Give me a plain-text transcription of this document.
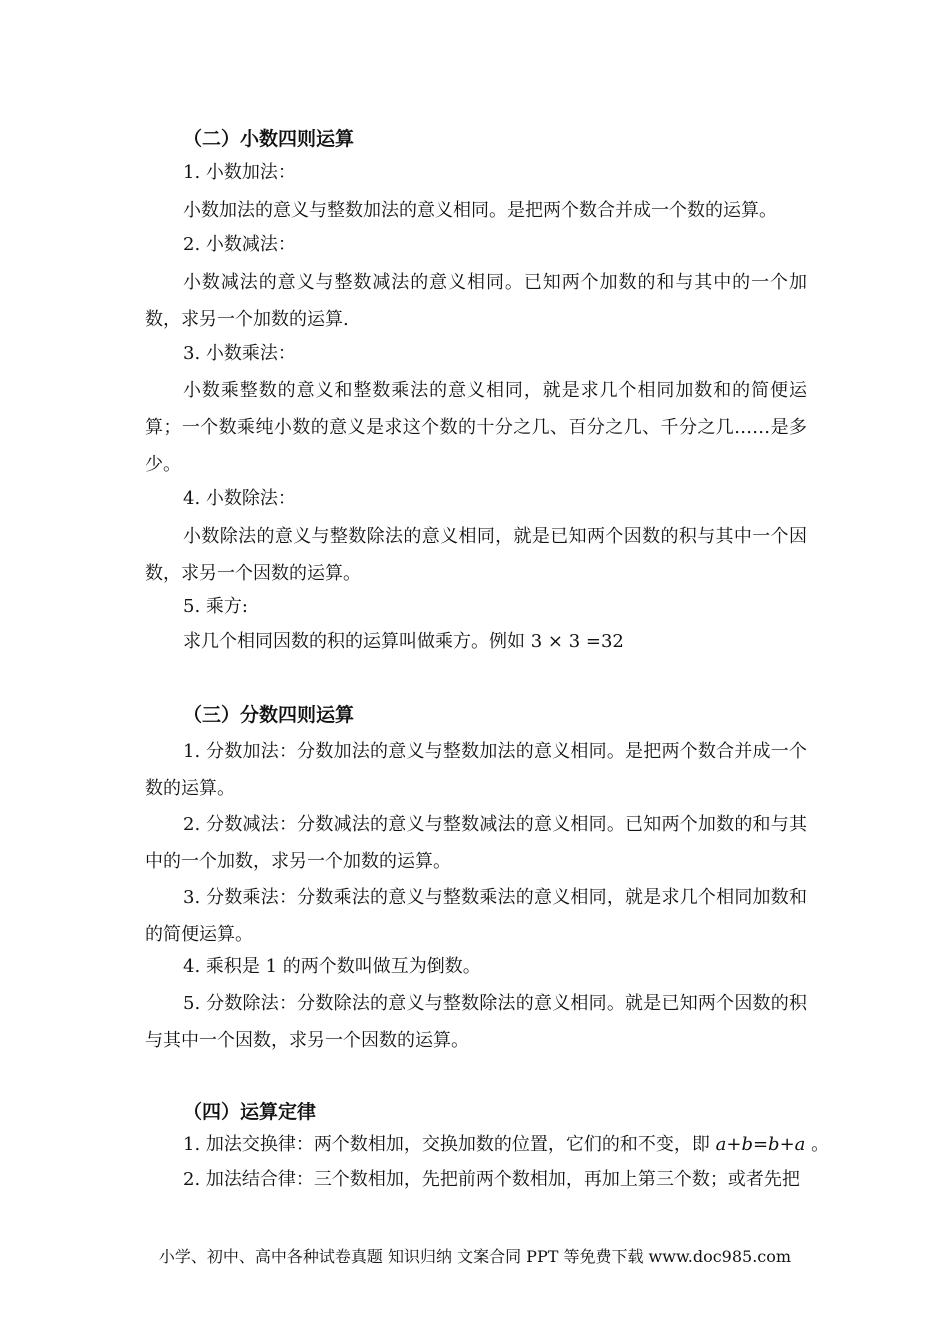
（二）小数四则运算
1. 小数加法：

小数加法的意义与整数加法的意义相同。是把两个数合并成一个数的运算。

2. 小数减法：

小数减法的意义与整数减法的意义相同。已知两个加数的和与其中的一个加数，求另一个加数的运算.

3. 小数乘法：

小数乘整数的意义和整数乘法的意义相同，就是求几个相同加数和的简便运算；一个数乘纯小数的意义是求这个数的十分之几、百分之几、千分之几……是多少。

4. 小数除法：

小数除法的意义与整数除法的意义相同，就是已知两个因数的积与其中一个因数，求另一个因数的运算。

5. 乘方:
求几个相同因数的积的运算叫做乘方。例如 3 × 3 =32
（三）分数四则运算

1. 分数加法：分数加法的意义与整数加法的意义相同。是把两个数合并成一个数的运算。

2. 分数减法：分数减法的意义与整数减法的意义相同。已知两个加数的和与其中的一个加数，求另一个加数的运算。

3. 分数乘法：分数乘法的意义与整数乘法的意义相同，就是求几个相同加数和的简便运算。

4. 乘积是 1 的两个数叫做互为倒数。

5. 分数除法：分数除法的意义与整数除法的意义相同。就是已知两个因数的积与其中一个因数，求另一个因数的运算。

（四）运算定律
1. 加法交换律：两个数相加，交换加数的位置，它们的和不变，即 a+b=b+a 。
2. 加法结合律：三个数相加，先把前两个数相加，再加上第三个数；或者先把
小学、初中、高中各种试卷真题 知识归纳 文案合同 PPT 等免费下载 www.doc985.com
